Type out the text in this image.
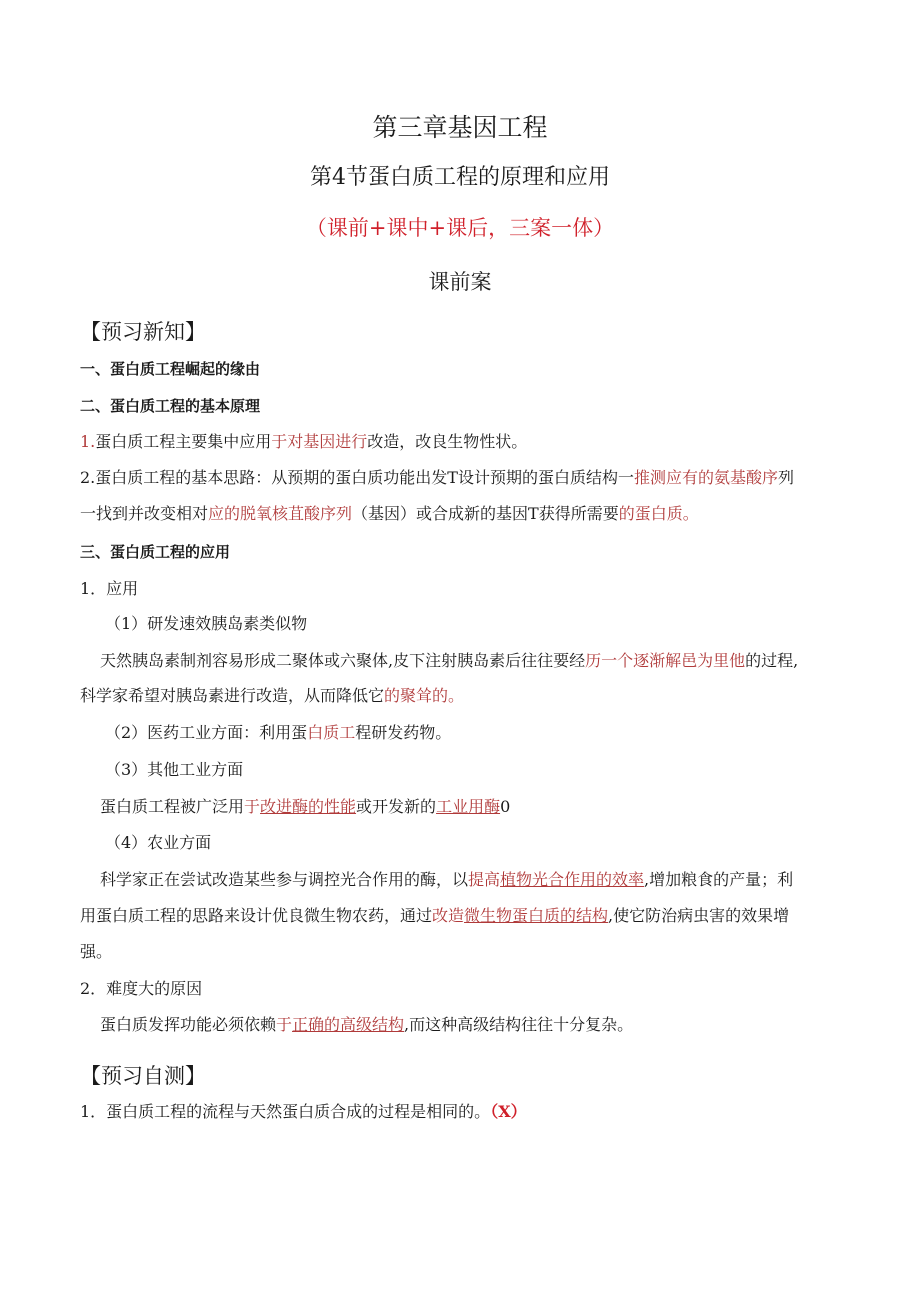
第三章基因工程
第4节蛋白质工程的原理和应用
（课前+课中+课后，三案一体）
课前案
【预习新知】
一、蛋白质工程崛起的缘由
二、蛋白质工程的基本原理
1.蛋白质工程主要集中应用于对基因进行改造，改良生物性状。
2.蛋白质工程的基本思路：从预期的蛋白质功能出发T设计预期的蛋白质结构一推测应有的氨基酸序列
一找到并改变相对应的脱氧核苴酸序列（基因）或合成新的基因T获得所需要的蛋白质。
三、蛋白质工程的应用
1．应用
（1）研发速效胰岛素类似物
天然胰岛素制剂容易形成二聚体或六聚体,皮下注射胰岛素后往往要经历一个逐渐解邑为里他的过程,
科学家希望对胰岛素进行改造，从而降低它的聚耸的。
（2）医药工业方面：利用蛋白质工程研发药物。
（3）其他工业方面
蛋白质工程被广泛用于改进酶的性能或开发新的工业用酶0
（4）农业方面
科学家正在尝试改造某些参与调控光合作用的酶，以提高植物光合作用的效率,增加粮食的产量；利
用蛋白质工程的思路来设计优良微生物农药，通过改造微生物蛋白质的结构,使它防治病虫害的效果增
强。
2．难度大的原因
蛋白质发挥功能必须依赖于正确的高级结构,而这种高级结构往往十分复杂。
【预习自测】
1．蛋白质工程的流程与天然蛋白质合成的过程是相同的。（X）
